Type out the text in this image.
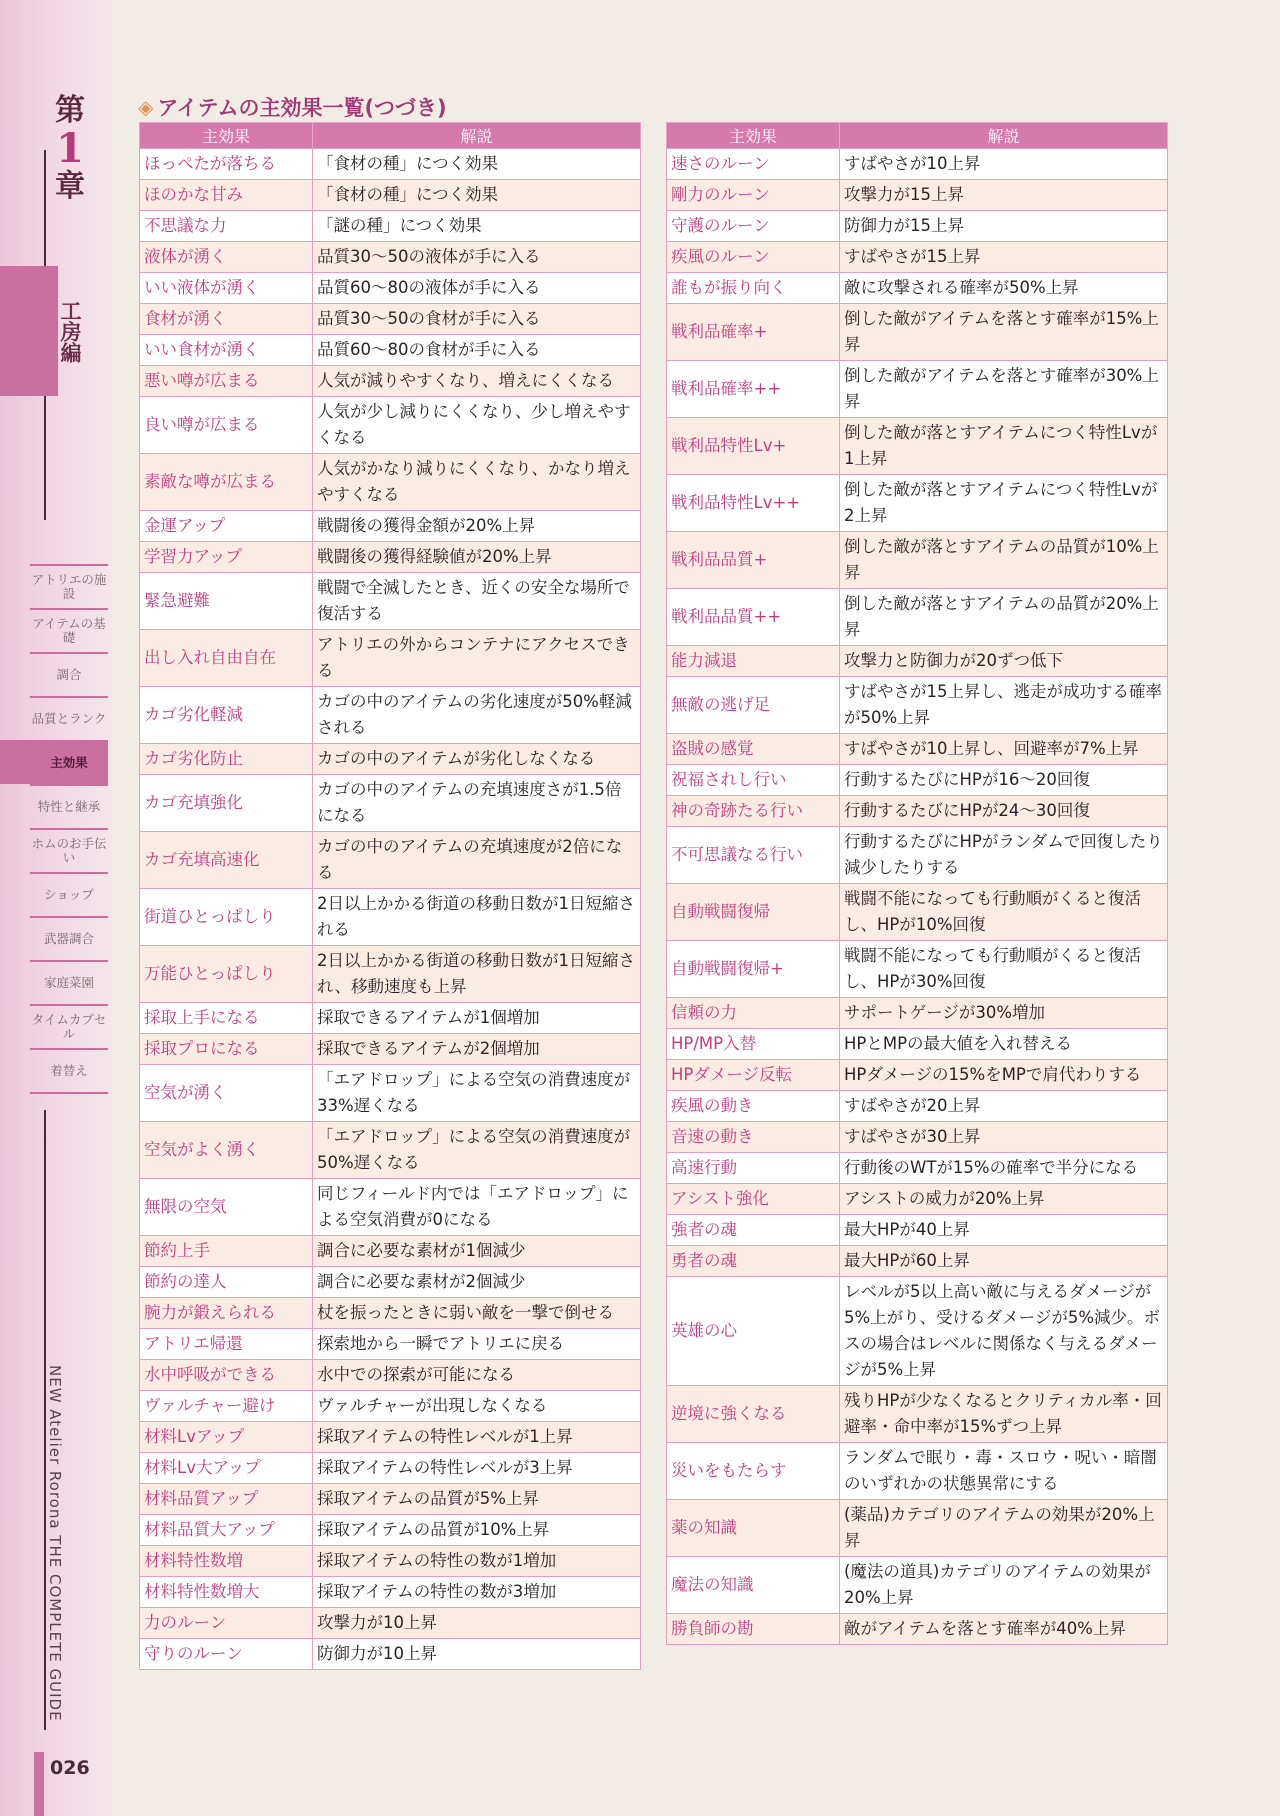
第
1
章
工房編
アトリエの施設
アイテムの基礎
調合
品質とランク
主効果
特性と継承
ホムのお手伝い
ショップ
武器調合
家庭菜園
タイムカプセル
着替え
NEW Atelier Rorona THE COMPLETE GUIDE
026
◈ アイテムの主効果一覧(つづき)
主効果	解説
ほっぺたが落ちる	「食材の種」につく効果
ほのかな甘み	「食材の種」につく効果
不思議な力	「謎の種」につく効果
液体が湧く	品質30〜50の液体が手に入る
いい液体が湧く	品質60〜80の液体が手に入る
食材が湧く	品質30〜50の食材が手に入る
いい食材が湧く	品質60〜80の食材が手に入る
悪い噂が広まる	人気が減りやすくなり、増えにくくなる
良い噂が広まる	人気が少し減りにくくなり、少し増えやすくなる
素敵な噂が広まる	人気がかなり減りにくくなり、かなり増えやすくなる
金運アップ	戦闘後の獲得金額が20%上昇
学習力アップ	戦闘後の獲得経験値が20%上昇
緊急避難	戦闘で全滅したとき、近くの安全な場所で復活する
出し入れ自由自在	アトリエの外からコンテナにアクセスできる
カゴ劣化軽減	カゴの中のアイテムの劣化速度が50%軽減される
カゴ劣化防止	カゴの中のアイテムが劣化しなくなる
カゴ充填強化	カゴの中のアイテムの充填速度さが1.5倍になる
カゴ充填高速化	カゴの中のアイテムの充填速度が2倍になる
街道ひとっぱしり	2日以上かかる街道の移動日数が1日短縮される
万能ひとっぱしり	2日以上かかる街道の移動日数が1日短縮され、移動速度も上昇
採取上手になる	採取できるアイテムが1個増加
採取プロになる	採取できるアイテムが2個増加
空気が湧く	「エアドロップ」による空気の消費速度が33%遅くなる
空気がよく湧く	「エアドロップ」による空気の消費速度が50%遅くなる
無限の空気	同じフィールド内では「エアドロップ」による空気消費が0になる
節約上手	調合に必要な素材が1個減少
節約の達人	調合に必要な素材が2個減少
腕力が鍛えられる	杖を振ったときに弱い敵を一撃で倒せる
アトリエ帰還	探索地から一瞬でアトリエに戻る
水中呼吸ができる	水中での探索が可能になる
ヴァルチャー避け	ヴァルチャーが出現しなくなる
材料Lvアップ	採取アイテムの特性レベルが1上昇
材料Lv大アップ	採取アイテムの特性レベルが3上昇
材料品質アップ	採取アイテムの品質が5%上昇
材料品質大アップ	採取アイテムの品質が10%上昇
材料特性数増	採取アイテムの特性の数が1増加
材料特性数増大	採取アイテムの特性の数が3増加
力のルーン	攻撃力が10上昇
守りのルーン	防御力が10上昇
主効果	解説
速さのルーン	すばやさが10上昇
剛力のルーン	攻撃力が15上昇
守護のルーン	防御力が15上昇
疾風のルーン	すばやさが15上昇
誰もが振り向く	敵に攻撃される確率が50%上昇
戦利品確率+	倒した敵がアイテムを落とす確率が15%上昇
戦利品確率++	倒した敵がアイテムを落とす確率が30%上昇
戦利品特性Lv+	倒した敵が落とすアイテムにつく特性Lvが1上昇
戦利品特性Lv++	倒した敵が落とすアイテムにつく特性Lvが2上昇
戦利品品質+	倒した敵が落とすアイテムの品質が10%上昇
戦利品品質++	倒した敵が落とすアイテムの品質が20%上昇
能力減退	攻撃力と防御力が20ずつ低下
無敵の逃げ足	すばやさが15上昇し、逃走が成功する確率が50%上昇
盗賊の感覚	すばやさが10上昇し、回避率が7%上昇
祝福されし行い	行動するたびにHPが16〜20回復
神の奇跡たる行い	行動するたびにHPが24〜30回復
不可思議なる行い	行動するたびにHPがランダムで回復したり減少したりする
自動戦闘復帰	戦闘不能になっても行動順がくると復活し、HPが10%回復
自動戦闘復帰+	戦闘不能になっても行動順がくると復活し、HPが30%回復
信頼の力	サポートゲージが30%増加
HP/MP入替	HPとMPの最大値を入れ替える
HPダメージ反転	HPダメージの15%をMPで肩代わりする
疾風の動き	すばやさが20上昇
音速の動き	すばやさが30上昇
高速行動	行動後のWTが15%の確率で半分になる
アシスト強化	アシストの威力が20%上昇
強者の魂	最大HPが40上昇
勇者の魂	最大HPが60上昇
英雄の心	レベルが5以上高い敵に与えるダメージが5%上がり、受けるダメージが5%減少。ボスの場合はレベルに関係なく与えるダメージが5%上昇
逆境に強くなる	残りHPが少なくなるとクリティカル率・回避率・命中率が15%ずつ上昇
災いをもたらす	ランダムで眠り・毒・スロウ・呪い・暗闇のいずれかの状態異常にする
薬の知識	(薬品)カテゴリのアイテムの効果が20%上昇
魔法の知識	(魔法の道具)カテゴリのアイテムの効果が20%上昇
勝負師の勘	敵がアイテムを落とす確率が40%上昇
